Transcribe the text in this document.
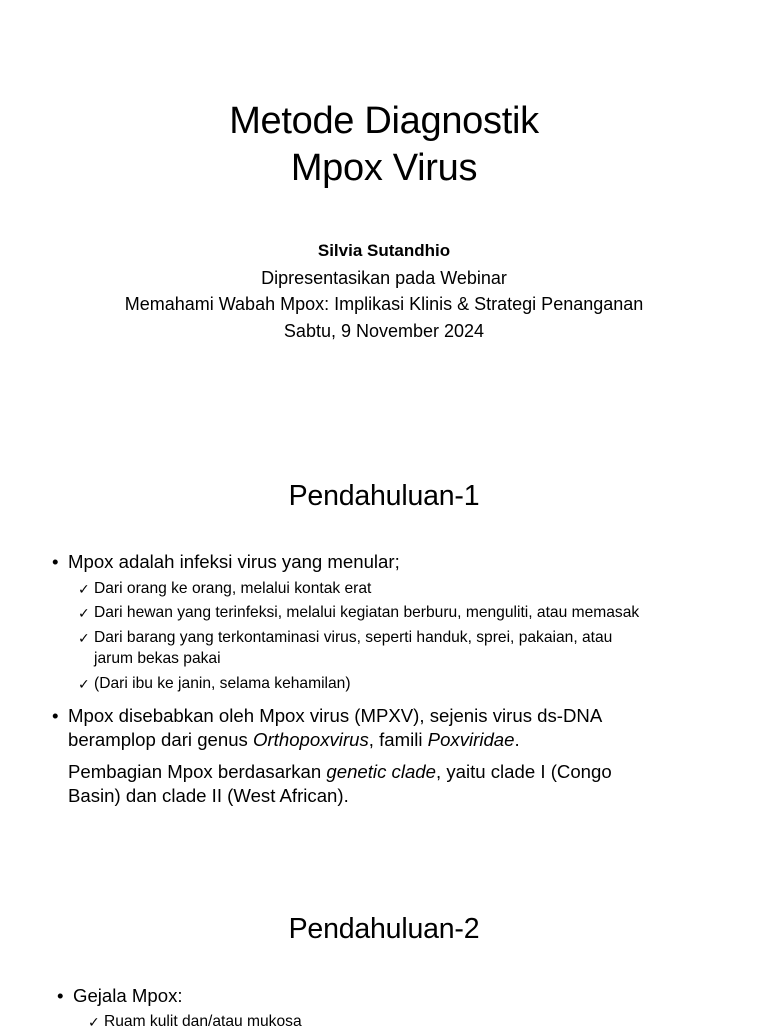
Metode Diagnostik
Mpox Virus
Silvia Sutandhio
Dipresentasikan pada Webinar
Memahami Wabah Mpox: Implikasi Klinis & Strategi Penanganan
Sabtu, 9 November 2024
Pendahuluan-1
• Mpox adalah infeksi virus yang menular;
✓ Dari orang ke orang, melalui kontak erat
✓ Dari hewan yang terinfeksi, melalui kegiatan berburu, menguliti, atau memasak
✓ Dari barang yang terkontaminasi virus, seperti handuk, sprei, pakaian, atau
jarum bekas pakai
✓ (Dari ibu ke janin, selama kehamilan)
• Mpox disebabkan oleh Mpox virus (MPXV), sejenis virus ds-DNA
beramplop dari genus Orthopoxvirus, famili Poxviridae.
Pembagian Mpox berdasarkan genetic clade, yaitu clade I (Congo
Basin) dan clade II (West African).
Pendahuluan-2
• Gejala Mpox:
✓ Ruam kulit dan/atau mukosa
